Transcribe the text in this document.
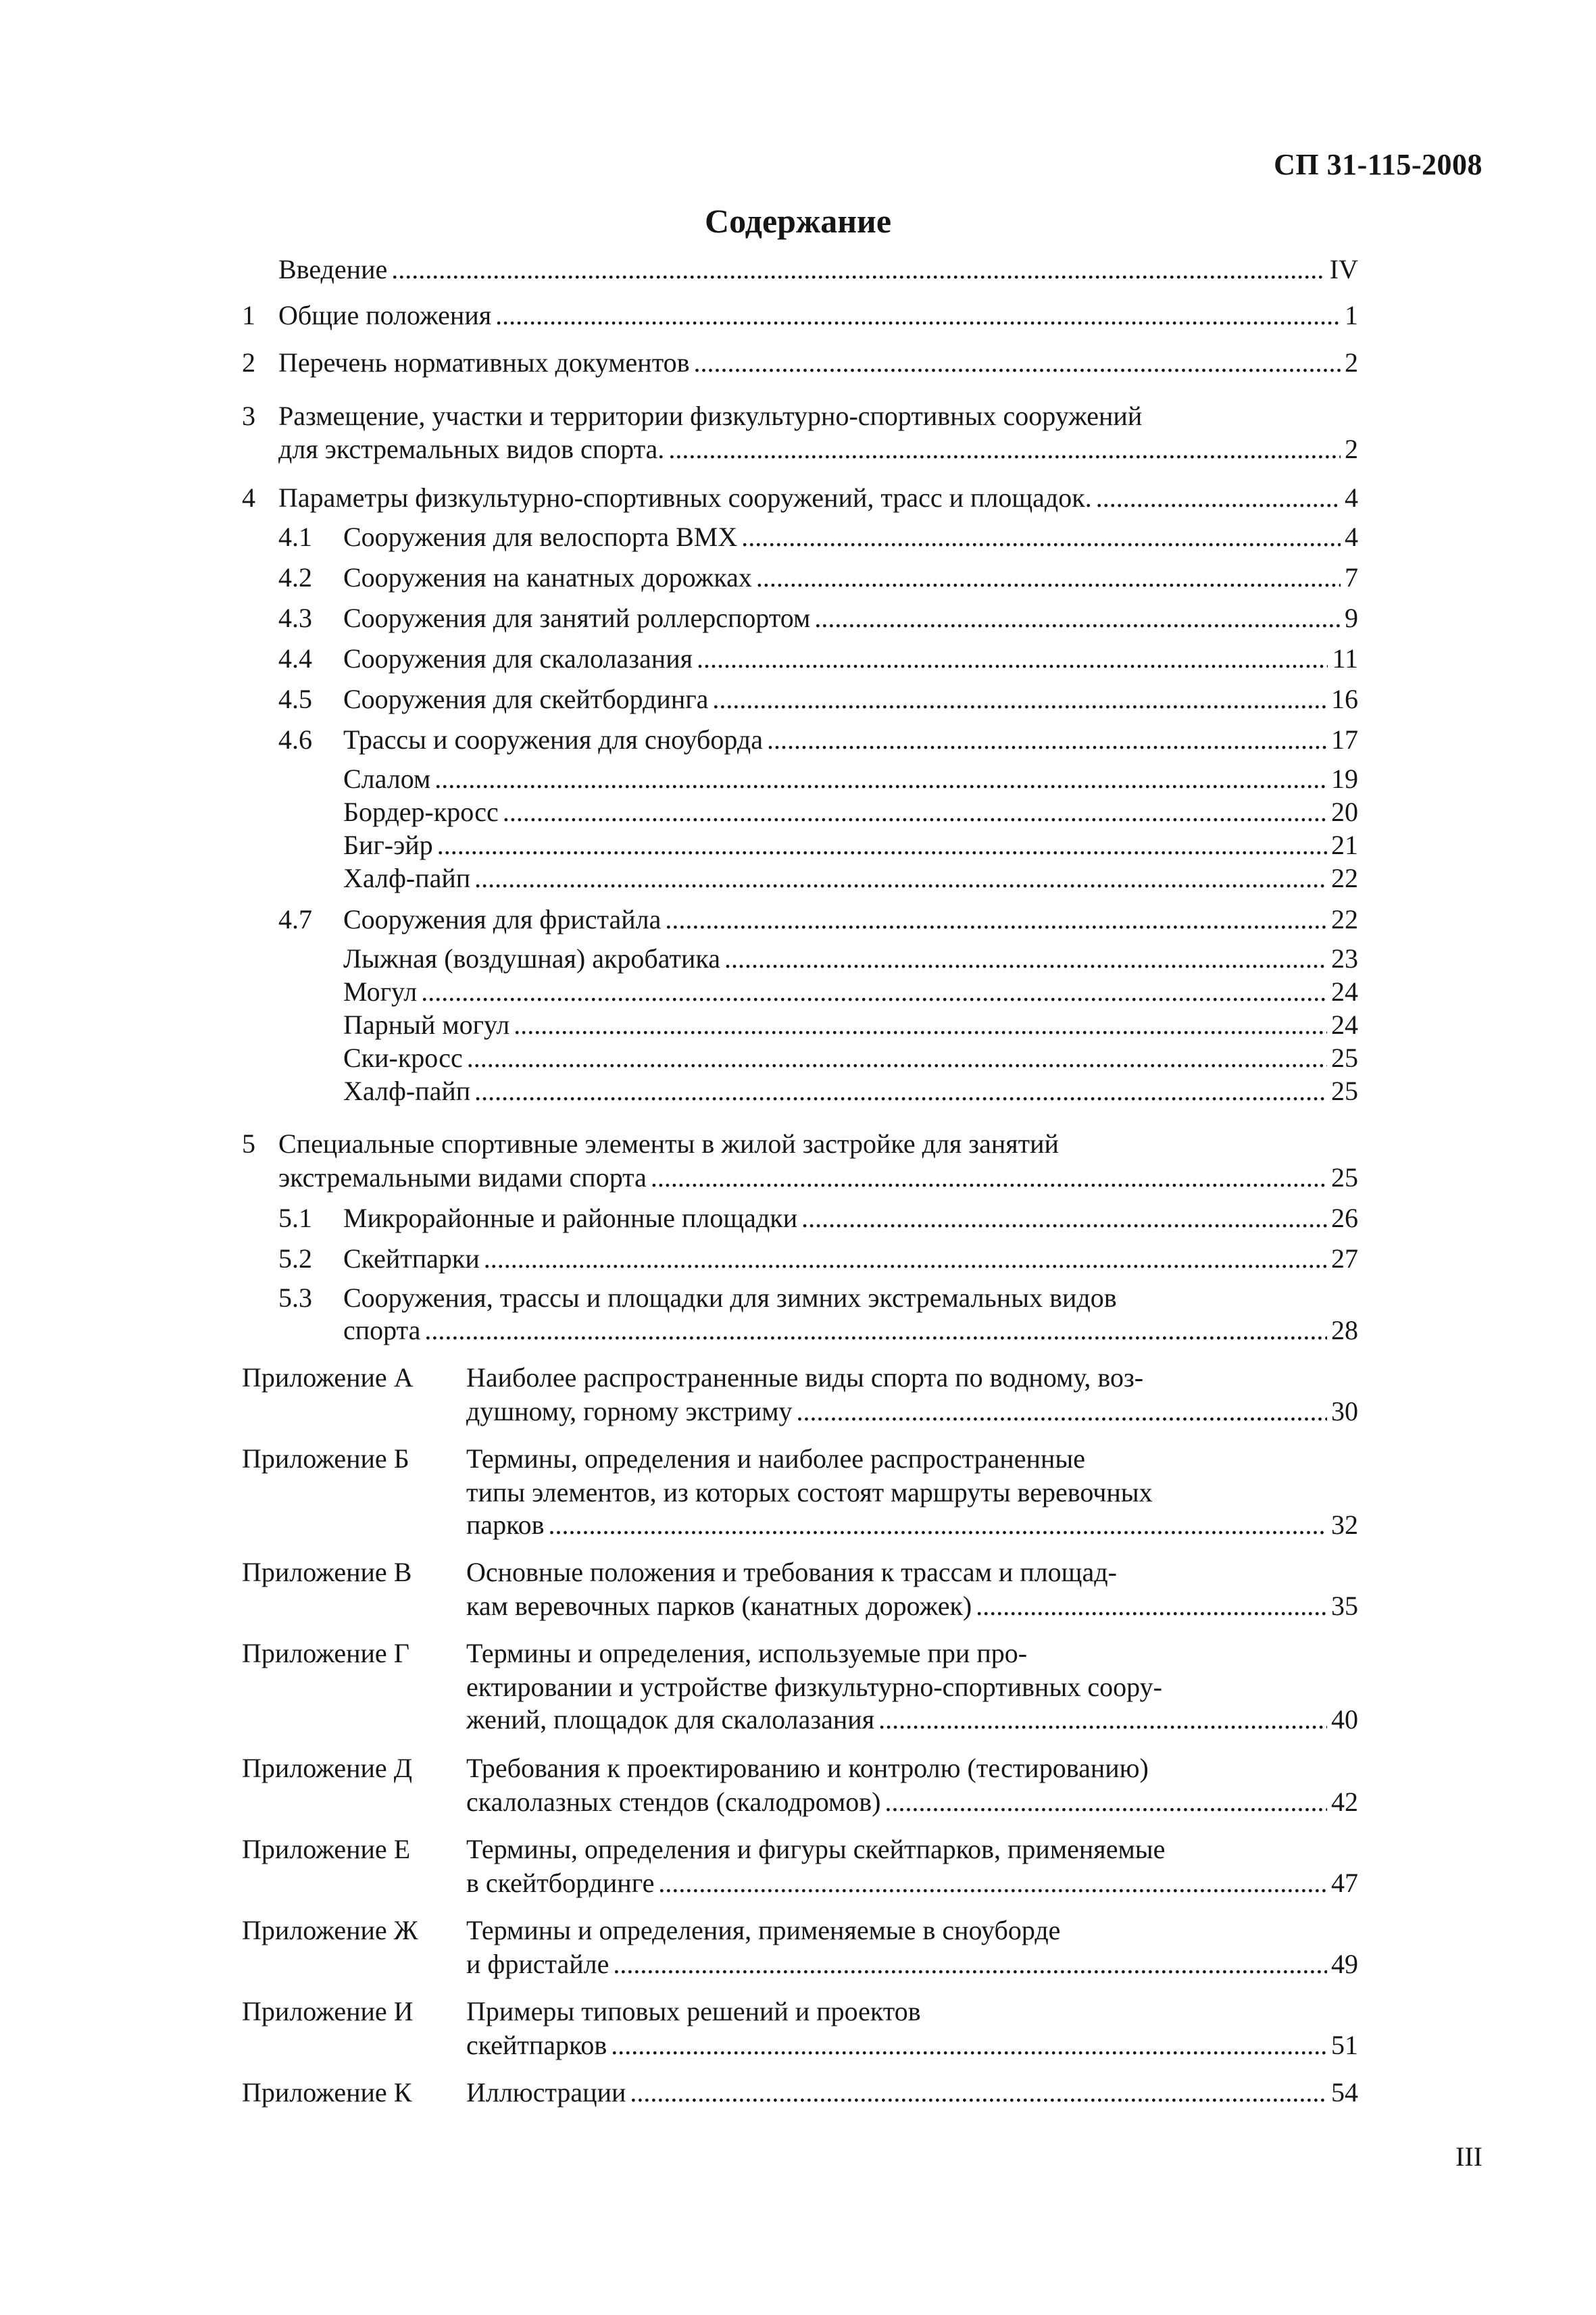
СП 31-115-2008
Содержание
Введение . . .	IV
1 Общие положения . . .	1
2 Перечень нормативных документов . . .	2
3 Размещение, участки и территории физкультурно-спортивных сооружений
для экстремальных видов спорта. . . .	2
4 Параметры физкультурно-спортивных сооружений, трасс и площадок. . . .	4
4.1 Сооружения для велоспорта BMX . . .	4
4.2 Сооружения на канатных дорожках . . .	7
4.3 Сооружения для занятий роллерспортом . . .	9
4.4 Сооружения для скалолазания . . .	11
4.5 Сооружения для скейтбординга . . .	16
4.6 Трассы и сооружения для сноуборда . . .	17
Слалом . . .	19
Бордер-кросс . . .	20
Биг-эйр . . .	21
Халф-пайп . . .	22
4.7 Сооружения для фристайла . . .	22
Лыжная (воздушная) акробатика . . .	23
Могул . . .	24
Парный могул . . .	24
Ски-кросс . . .	25
Халф-пайп . . .	25
5 Специальные спортивные элементы в жилой застройке для занятий
экстремальными видами спорта . . .	25
5.1 Микрорайонные и районные площадки . . .	26
5.2 Скейтпарки . . .	27
5.3 Сооружения, трассы и площадки для зимних экстремальных видов
спорта . . .	28
Приложение А Наиболее распространенные виды спорта по водному, воз-
душному, горному экстриму . . .	30
Приложение Б Термины, определения и наиболее распространенные
типы элементов, из которых состоят маршруты веревочных
парков . . .	32
Приложение В Основные положения и требования к трассам и площад-
кам веревочных парков (канатных дорожек) . . .	35
Приложение Г Термины и определения, используемые при про-
ектировании и устройстве физкультурно-спортивных соору-
жений, площадок для скалолазания . . .	40
Приложение Д Требования к проектированию и контролю (тестированию)
скалолазных стендов (скалодромов) . . .	42
Приложение Е Термины, определения и фигуры скейтпарков, применяемые
в скейтбординге . . .	47
Приложение Ж Термины и определения, применяемые в сноуборде
и фристайле . . .	49
Приложение И Примеры типовых решений и проектов
скейтпарков . . .	51
Приложение К Иллюстрации . . .	54
III
